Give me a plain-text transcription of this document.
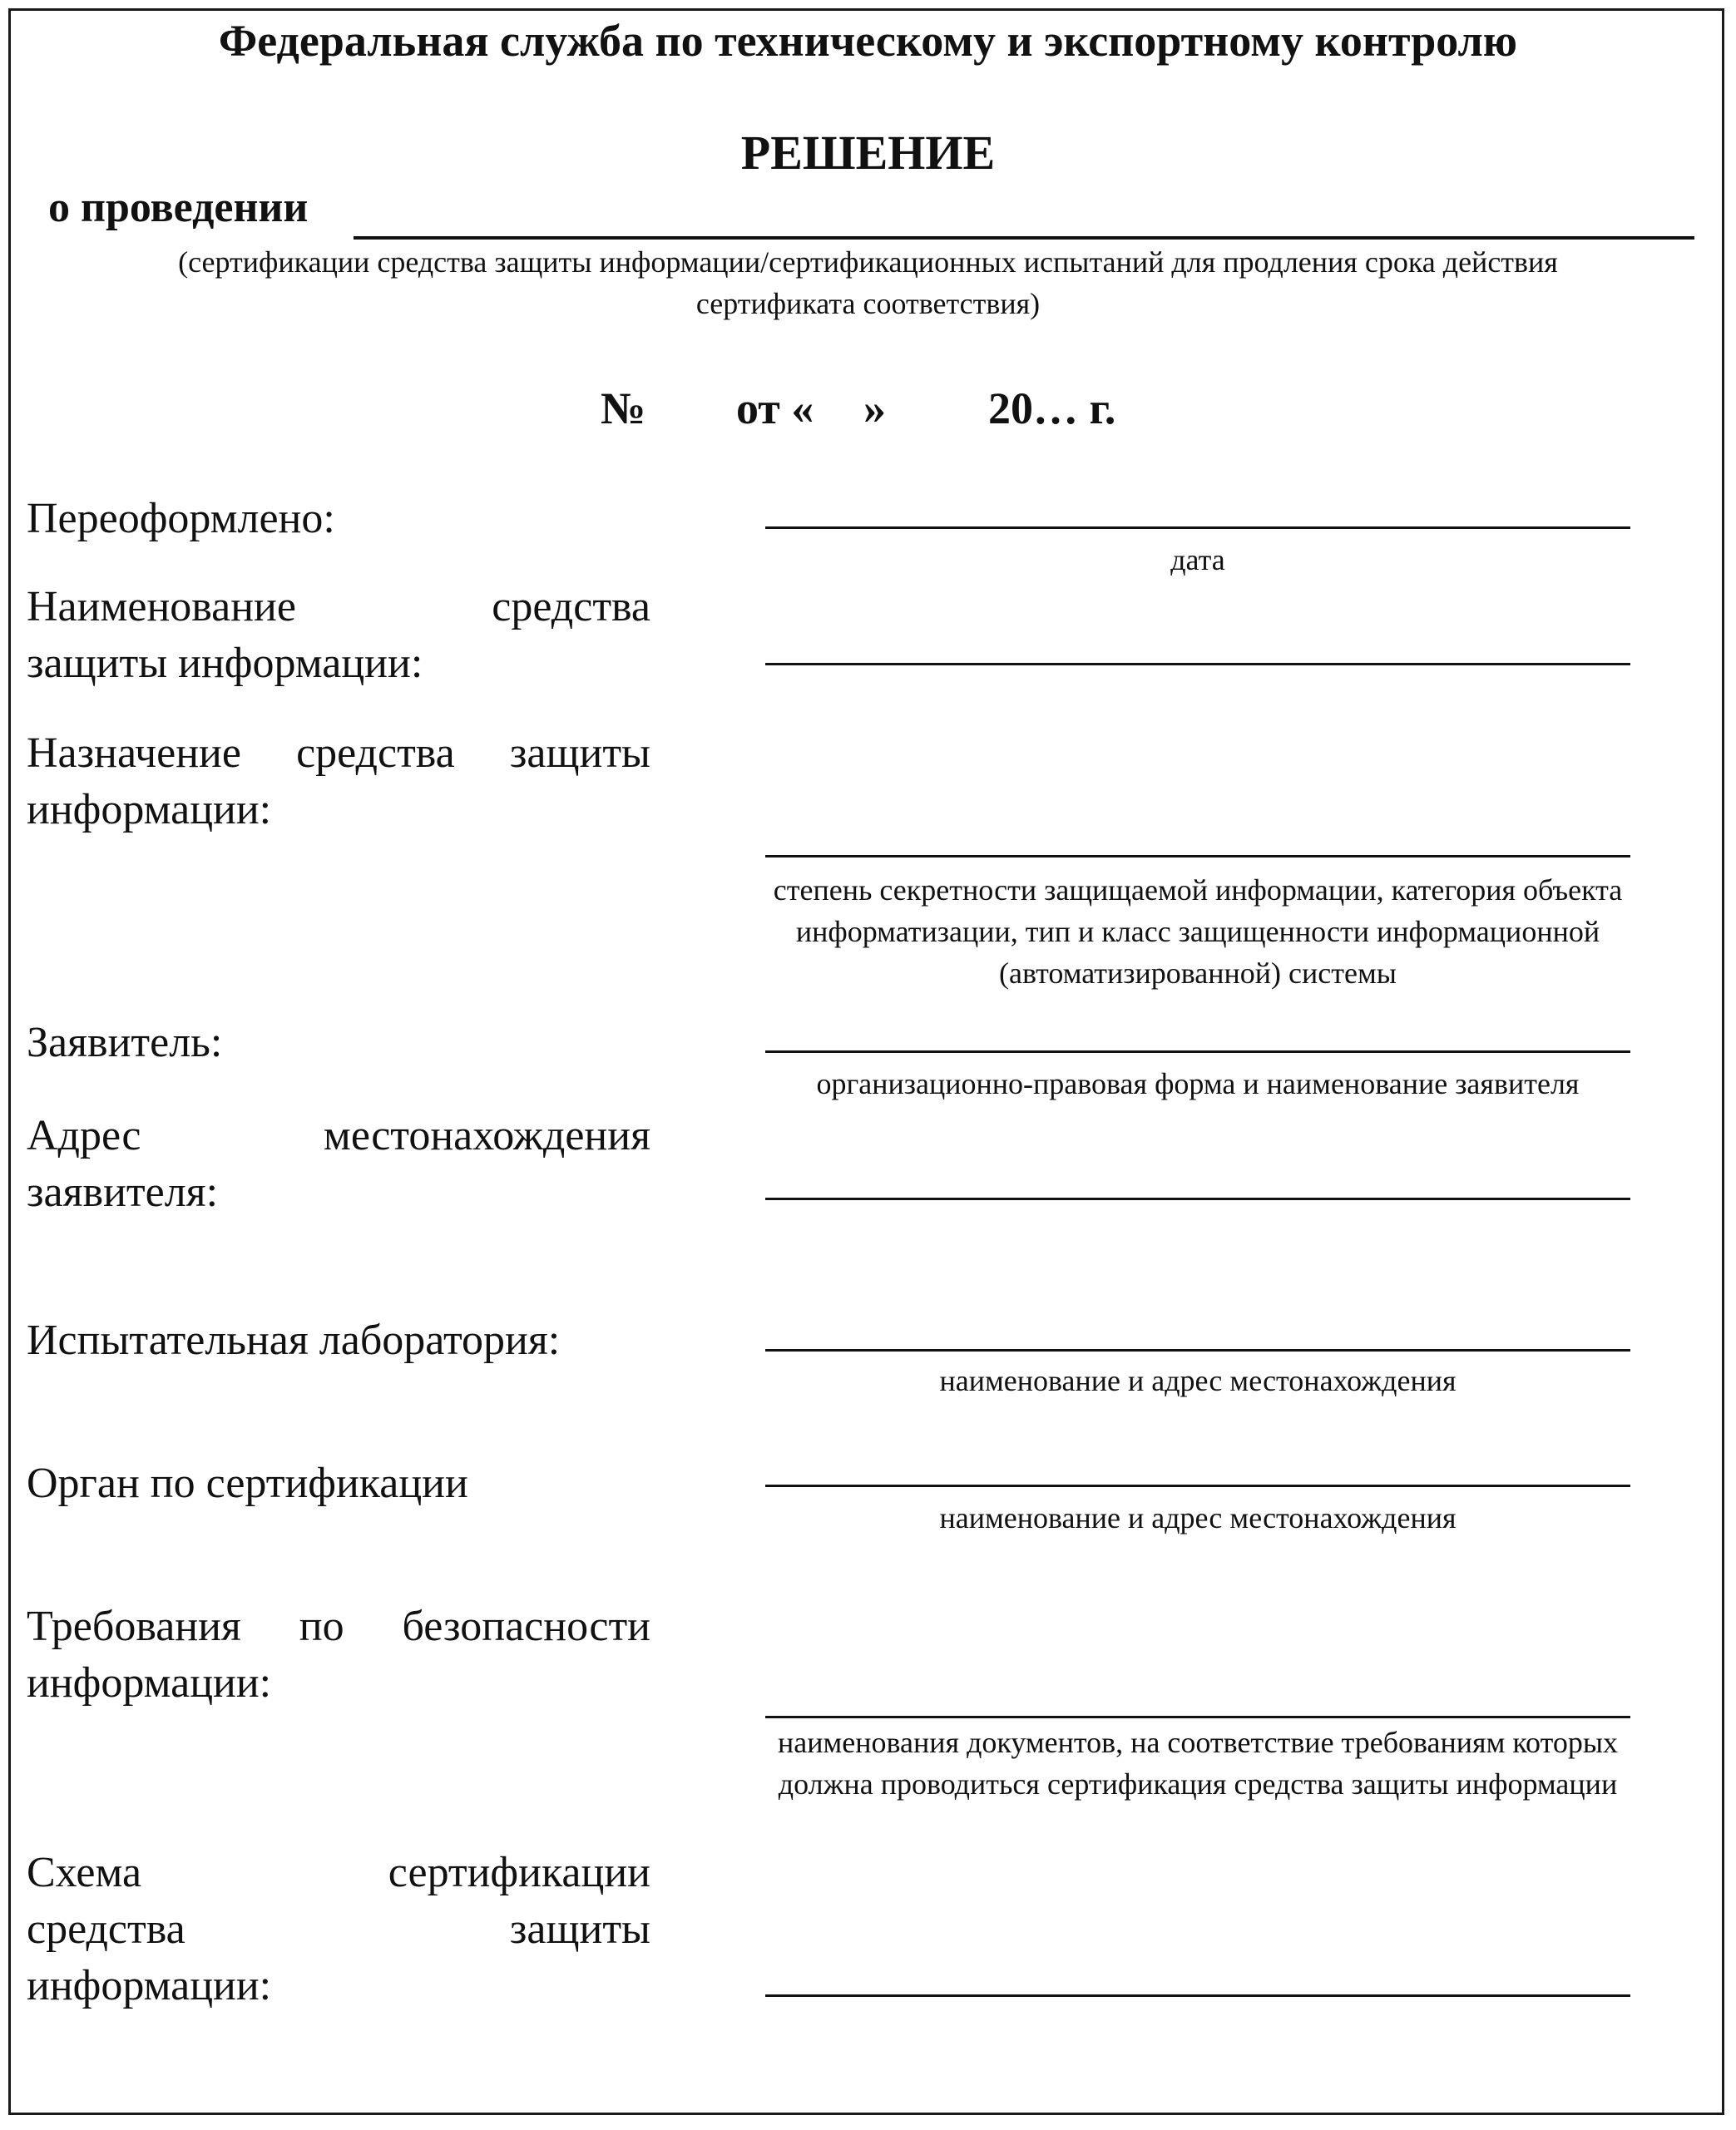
Федеральная служба по техническому и экспортному контролю
РЕШЕНИЕ
о проведении
(сертификации средства защиты информации/сертификационных испытаний для продления срока действия
сертификата соответствия)
№ от « » 20… г.
Переоформлено:
дата
Наименование средства
защиты информации:
Назначение средства защиты
информации:
степень секретности защищаемой информации, категория объекта
информатизации, тип и класс защищенности информационной
(автоматизированной) системы
Заявитель:
организационно-правовая форма и наименование заявителя
Адрес местонахождения
заявителя:
Испытательная лаборатория:
наименование и адрес местонахождения
Орган по сертификации
наименование и адрес местонахождения
Требования по безопасности
информации:
наименования документов, на соответствие требованиям которых
должна проводиться сертификация средства защиты информации
Схема сертификации
средства защиты
информации:
